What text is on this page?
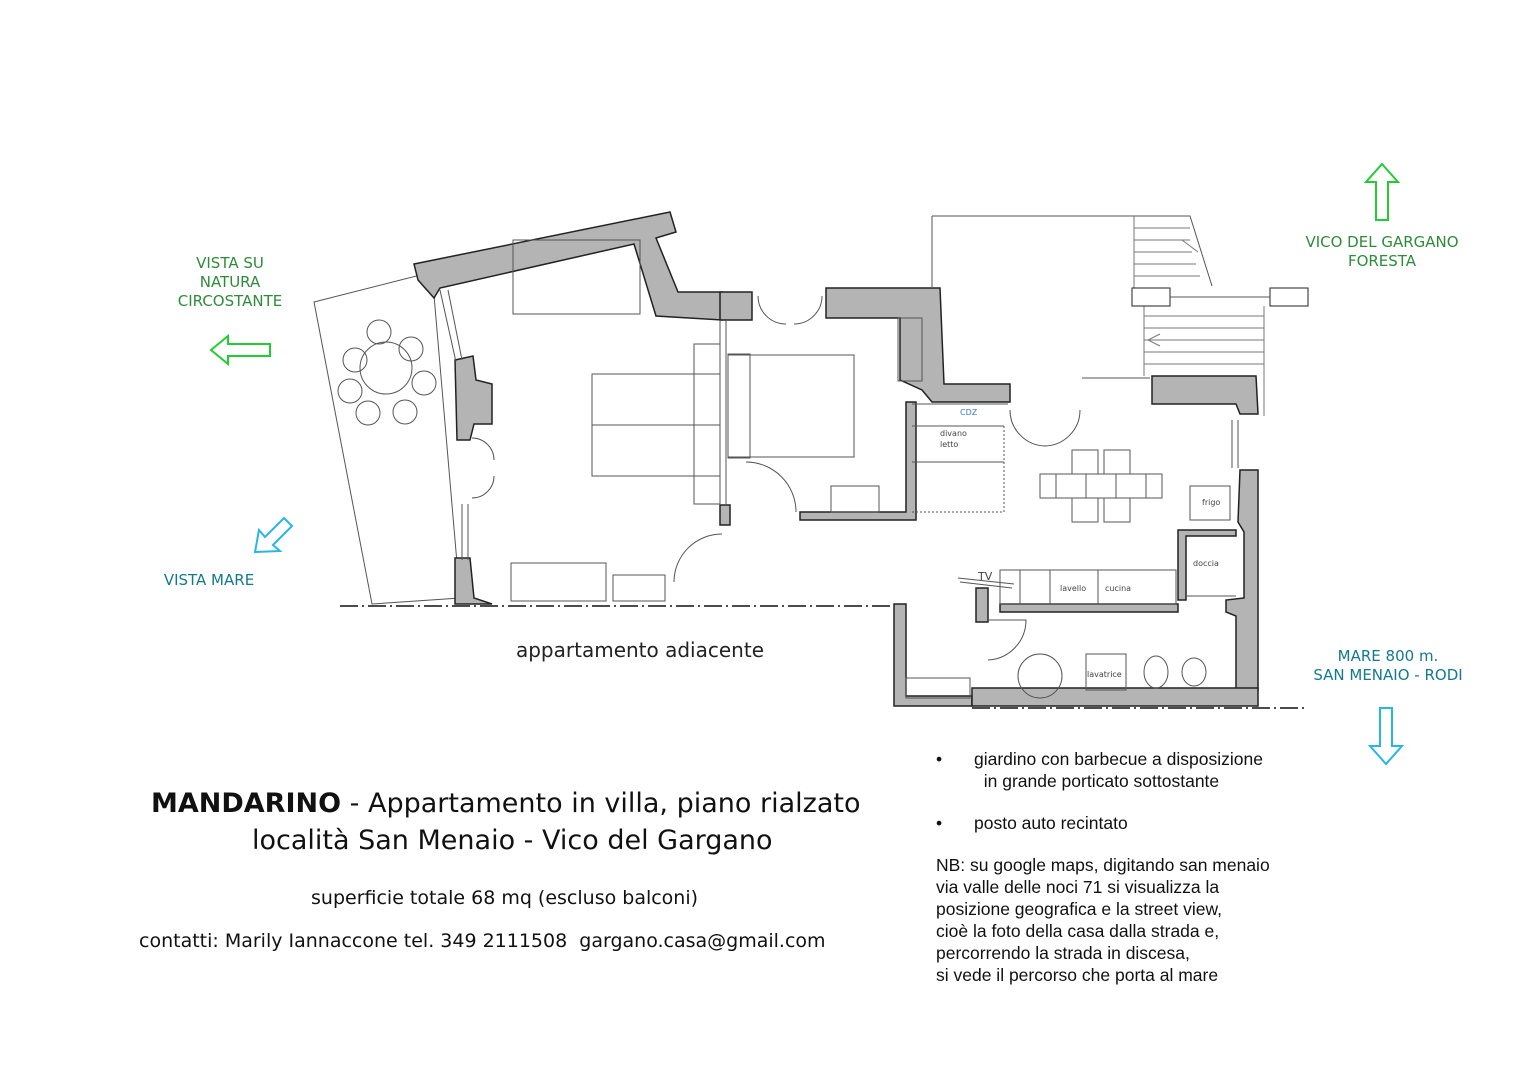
CDZ
divano
letto
frigo
doccia
TV
lavello cucina
lavatrice
VICO DEL GARGANO
FORESTA
VISTA SU
NATURA
CIRCOSTANTE
VISTA MARE
MARE 800 m.
SAN MENAIO - RODI
appartamento adiacente
MANDARINO - Appartamento in villa, piano rialzato
località San Menaio - Vico del Gargano
superficie totale 68 mq (escluso balconi)
contatti: Marily Iannaccone tel. 349 2111508  gargano.casa@gmail.com
• giardino con barbecue a disposizione
in grande porticato sottostante
• posto auto recintato
NB: su google maps, digitando san menaio
via valle delle noci 71 si visualizza la
posizione geografica e la street view,
cioè la foto della casa dalla strada e,
percorrendo la strada in discesa,
si vede il percorso che porta al mare
